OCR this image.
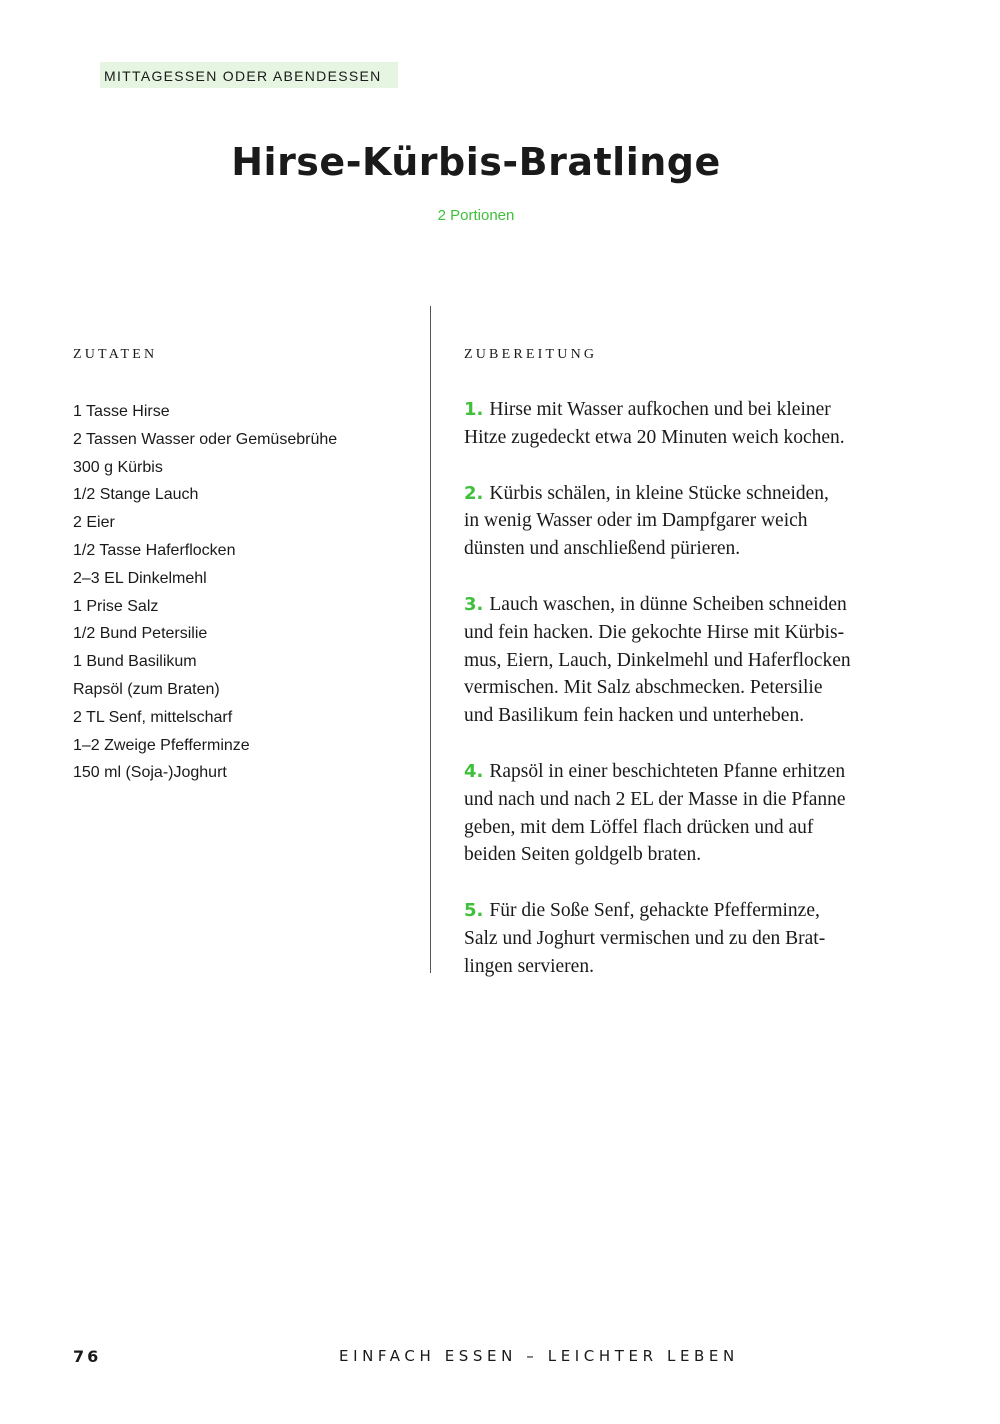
MITTAGESSEN ODER ABENDESSEN
Hirse-Kürbis-Bratlinge
2 Portionen
ZUTATEN	ZUBEREITUNG
1 Tasse Hirse
2 Tassen Wasser oder Gemüsebrühe
300 g Kürbis
1/2 Stange Lauch
2 Eier
1/2 Tasse Haferflocken
2–3 EL Dinkelmehl
1 Prise Salz
1/2 Bund Petersilie
1 Bund Basilikum
Rapsöl (zum Braten)
2 TL Senf, mittelscharf
1–2 Zweige Pfefferminze
150 ml (Soja-)Joghurt

1. Hirse mit Wasser aufkochen und bei kleiner
Hitze zugedeckt etwa 20 Minuten weich kochen.

2. Kürbis schälen, in kleine Stücke schneiden,
in wenig Wasser oder im Dampfgarer weich
dünsten und anschließend pürieren.

3. Lauch waschen, in dünne Scheiben schneiden
und fein hacken. Die gekochte Hirse mit Kürbis-
mus, Eiern, Lauch, Dinkelmehl und Haferflocken
vermischen. Mit Salz abschmecken. Petersilie
und Basilikum fein hacken und unterheben.

4. Rapsöl in einer beschichteten Pfanne erhitzen
und nach und nach 2 EL der Masse in die Pfanne
geben, mit dem Löffel flach drücken und auf
beiden Seiten goldgelb braten.

5. Für die Soße Senf, gehackte Pfefferminze,
Salz und Joghurt vermischen und zu den Brat-
lingen servieren.

76	EINFACH ESSEN – LEICHTER LEBEN
